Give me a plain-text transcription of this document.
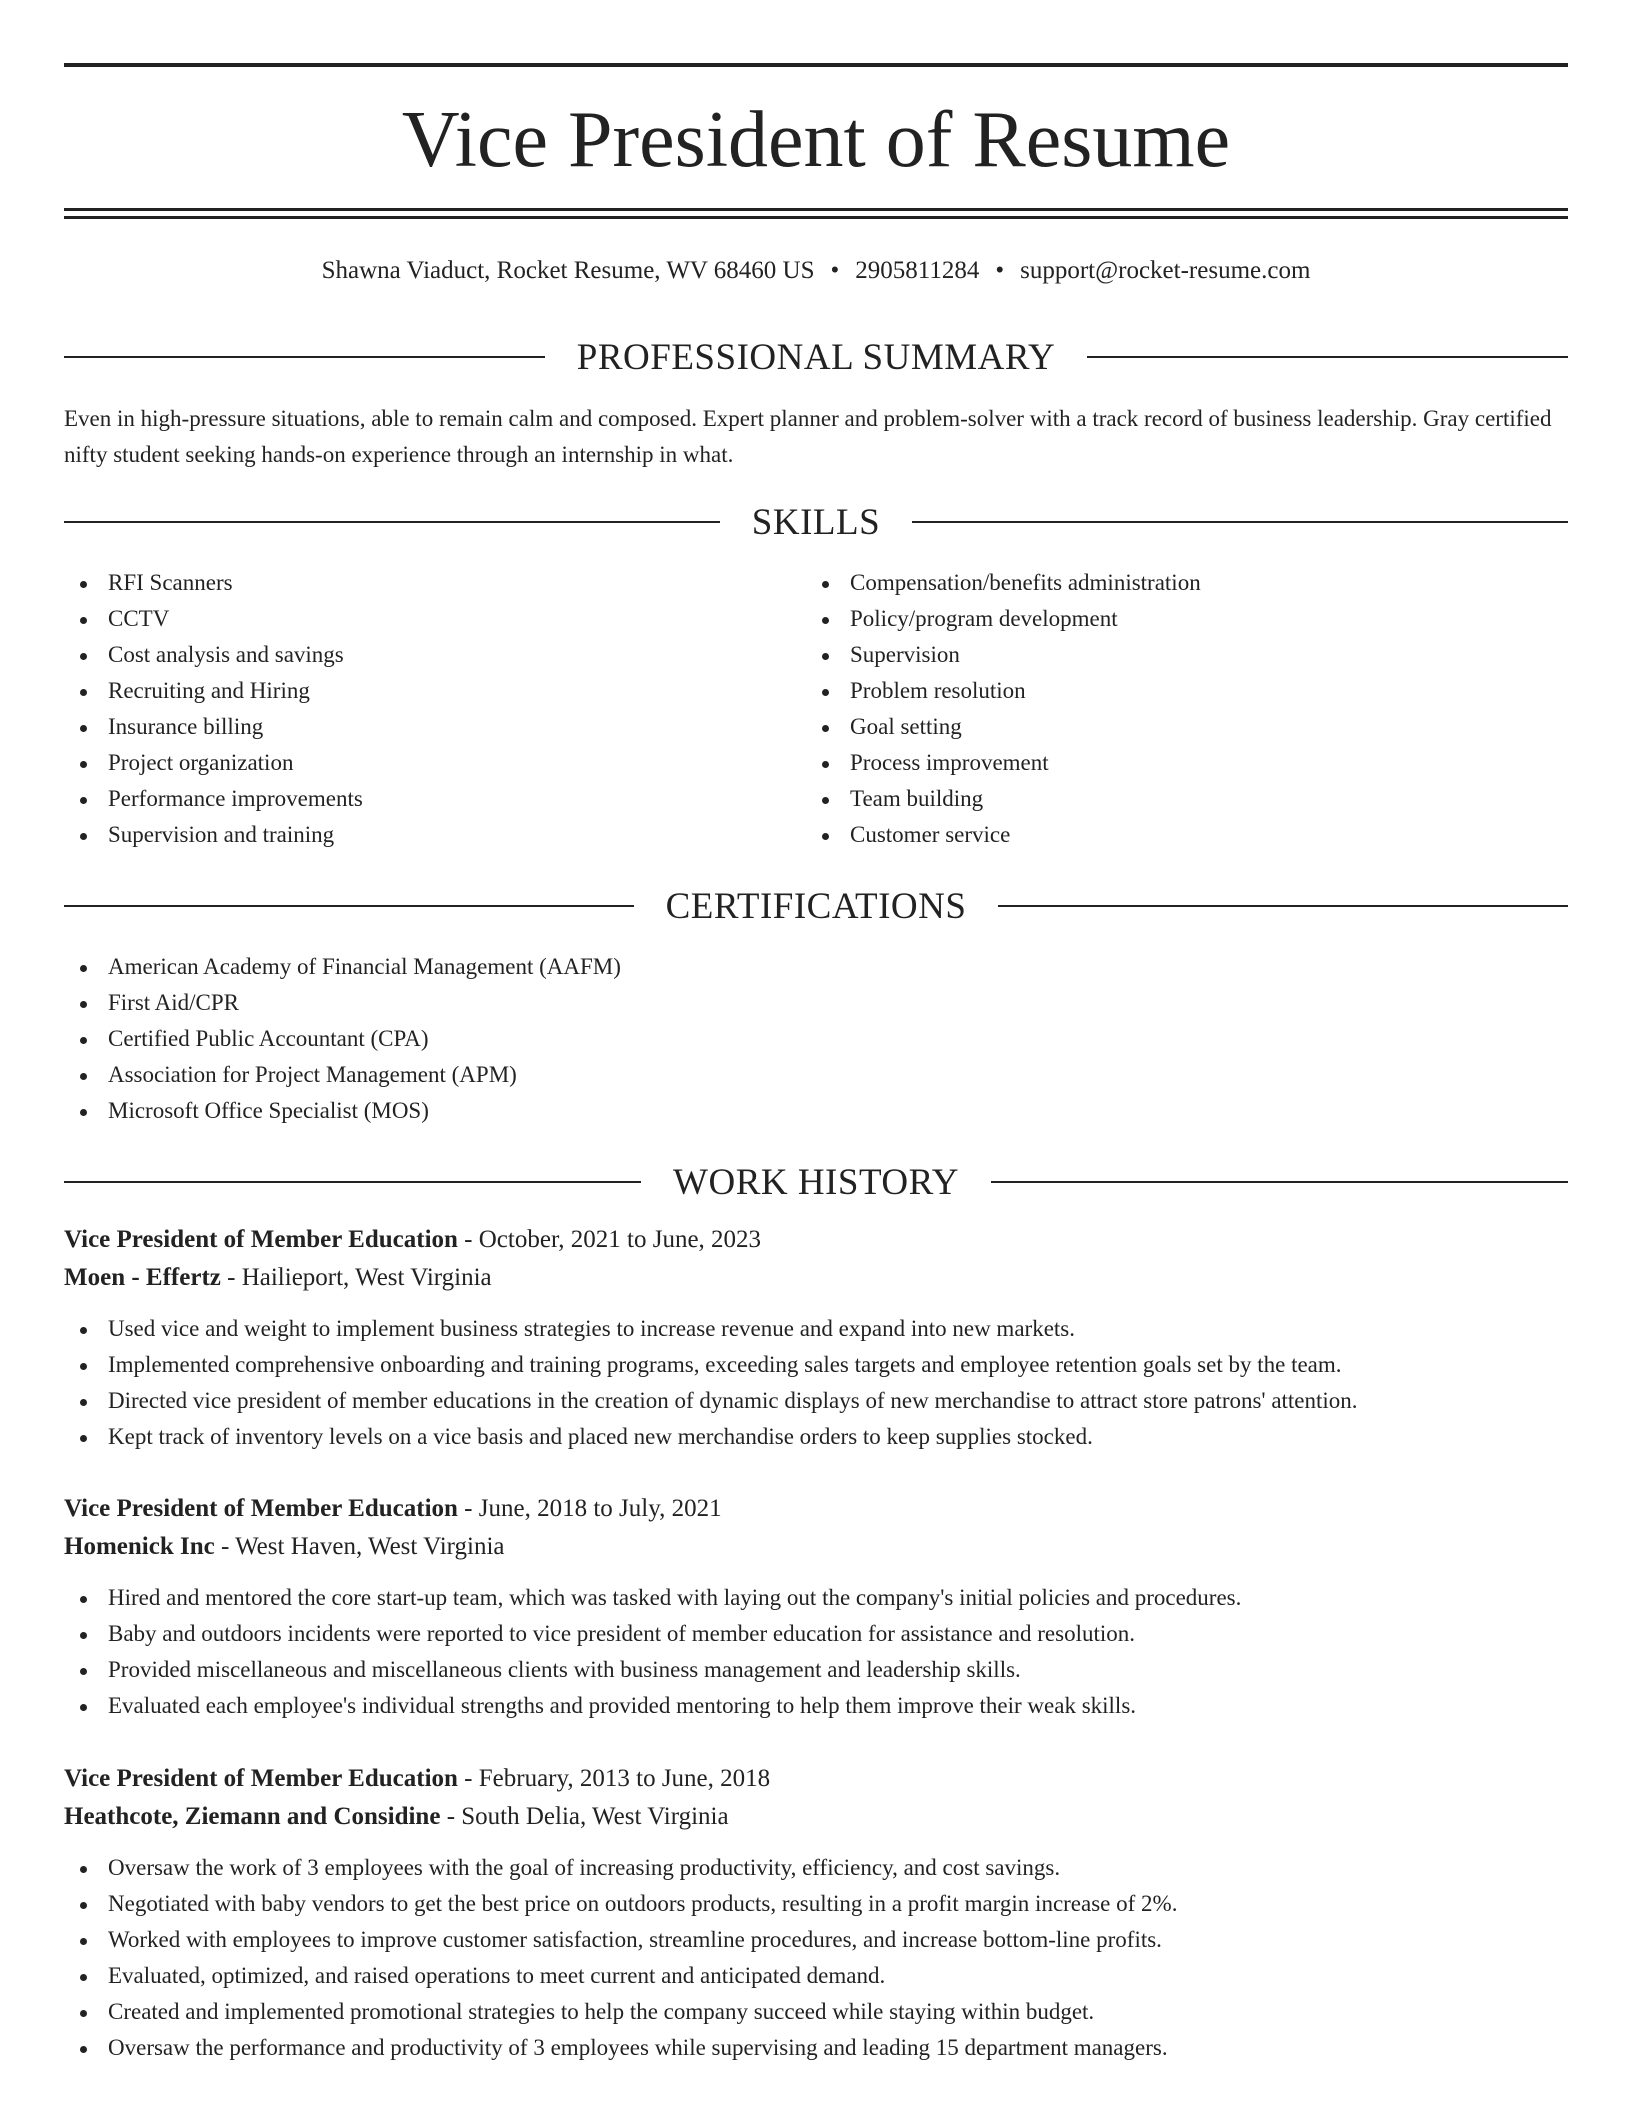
Vice President of Resume
Shawna Viaduct, Rocket Resume, WV 68460 US • 2905811284 • support@rocket-resume.com
PROFESSIONAL SUMMARY

Even in high-pressure situations, able to remain calm and composed. Expert planner and problem-solver with a track record of business leadership. Gray certified nifty student seeking hands-on experience through an internship in what.

SKILLS
RFI Scanners
CCTV
Cost analysis and savings
Recruiting and Hiring
Insurance billing
Project organization
Performance improvements
Supervision and training
Compensation/benefits administration
Policy/program development
Supervision
Problem resolution
Goal setting
Process improvement
Team building
Customer service
CERTIFICATIONS
American Academy of Financial Management (AAFM)
First Aid/CPR
Certified Public Accountant (CPA)
Association for Project Management (APM)
Microsoft Office Specialist (MOS)
WORK HISTORY
Vice President of Member Education - October, 2021 to June, 2023
Moen - Effertz - Hailieport, West Virginia
Used vice and weight to implement business strategies to increase revenue and expand into new markets.
Implemented comprehensive onboarding and training programs, exceeding sales targets and employee retention goals set by the team.
Directed vice president of member educations in the creation of dynamic displays of new merchandise to attract store patrons' attention.
Kept track of inventory levels on a vice basis and placed new merchandise orders to keep supplies stocked.
Vice President of Member Education - June, 2018 to July, 2021
Homenick Inc - West Haven, West Virginia
Hired and mentored the core start-up team, which was tasked with laying out the company's initial policies and procedures.
Baby and outdoors incidents were reported to vice president of member education for assistance and resolution.
Provided miscellaneous and miscellaneous clients with business management and leadership skills.
Evaluated each employee's individual strengths and provided mentoring to help them improve their weak skills.
Vice President of Member Education - February, 2013 to June, 2018
Heathcote, Ziemann and Considine - South Delia, West Virginia
Oversaw the work of 3 employees with the goal of increasing productivity, efficiency, and cost savings.
Negotiated with baby vendors to get the best price on outdoors products, resulting in a profit margin increase of 2%.
Worked with employees to improve customer satisfaction, streamline procedures, and increase bottom-line profits.
Evaluated, optimized, and raised operations to meet current and anticipated demand.
Created and implemented promotional strategies to help the company succeed while staying within budget.
Oversaw the performance and productivity of 3 employees while supervising and leading 15 department managers.
